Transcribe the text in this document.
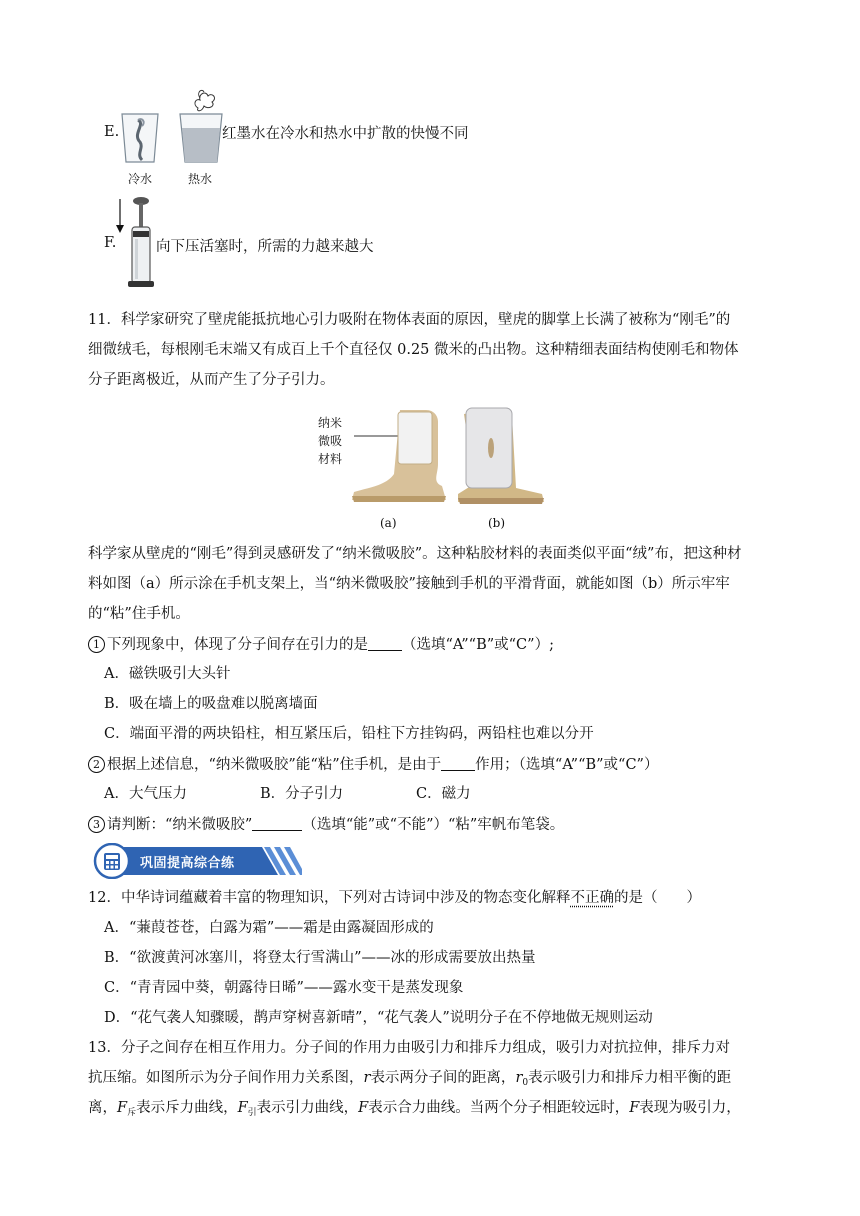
E.
冷水	热水
红墨水在冷水和热水中扩散的快慢不同
F.	向下压活塞时，所需的力越来越大
11．科学家研究了壁虎能抵抗地心引力吸附在物体表面的原因，壁虎的脚掌上长满了被称为“刚毛”的
细微绒毛，每根刚毛末端又有成百上千个直径仅 0.25 微米的凸出物。这种精细表面结构使刚毛和物体
分子距离极近，从而产生了分子引力。
纳米
微吸
材料
(a)	(b)
科学家从壁虎的“刚毛”得到灵感研发了“纳米微吸胶”。这种粘胶材料的表面类似平面“绒”布，把这种材
料如图（a）所示涂在手机支架上，当“纳米微吸胶”接触到手机的平滑背面，就能如图（b）所示牢牢
的“粘”住手机。
1 下列现象中，体现了分子间存在引力的是 （选填“A”“B”或“C”）;
A．磁铁吸引大头针
B．吸在墙上的吸盘难以脱离墙面
C．端面平滑的两块铅柱，相互紧压后，铅柱下方挂钩码，两铅柱也难以分开
2 根据上述信息，“纳米微吸胶”能“粘”住手机，是由于 作用；（选填“A”“B”或“C”）
A．大气压力	B．分子引力	C．磁力
3 请判断：“纳米微吸胶”	（选填“能”或“不能”）“粘”牢帆布笔袋。
巩固提高综合练
12．中华诗词蕴藏着丰富的物理知识，下列对古诗词中涉及的物态变化解释不正确的是（　　）
A．“蒹葭苍苍，白露为霜”——霜是由露凝固形成的
B．“欲渡黄河冰塞川，将登太行雪满山”——冰的形成需要放出热量
C．“青青园中葵，朝露待日晞”——露水变干是蒸发现象
D．“花气袭人知骤暖，鹊声穿树喜新晴”，“花气袭人”说明分子在不停地做无规则运动
13．分子之间存在相互作用力。分子间的作用力由吸引力和排斥力组成，吸引力对抗拉伸，排斥力对
抗压缩。如图所示为分子间作用力关系图，r表示两分子间的距离，$r_0$表示吸引力和排斥力相平衡的距
离，$F_斥$表示斥力曲线，$F_引$表示引力曲线，F表示合力曲线。当两个分子相距较远时，F表现为吸引力，
